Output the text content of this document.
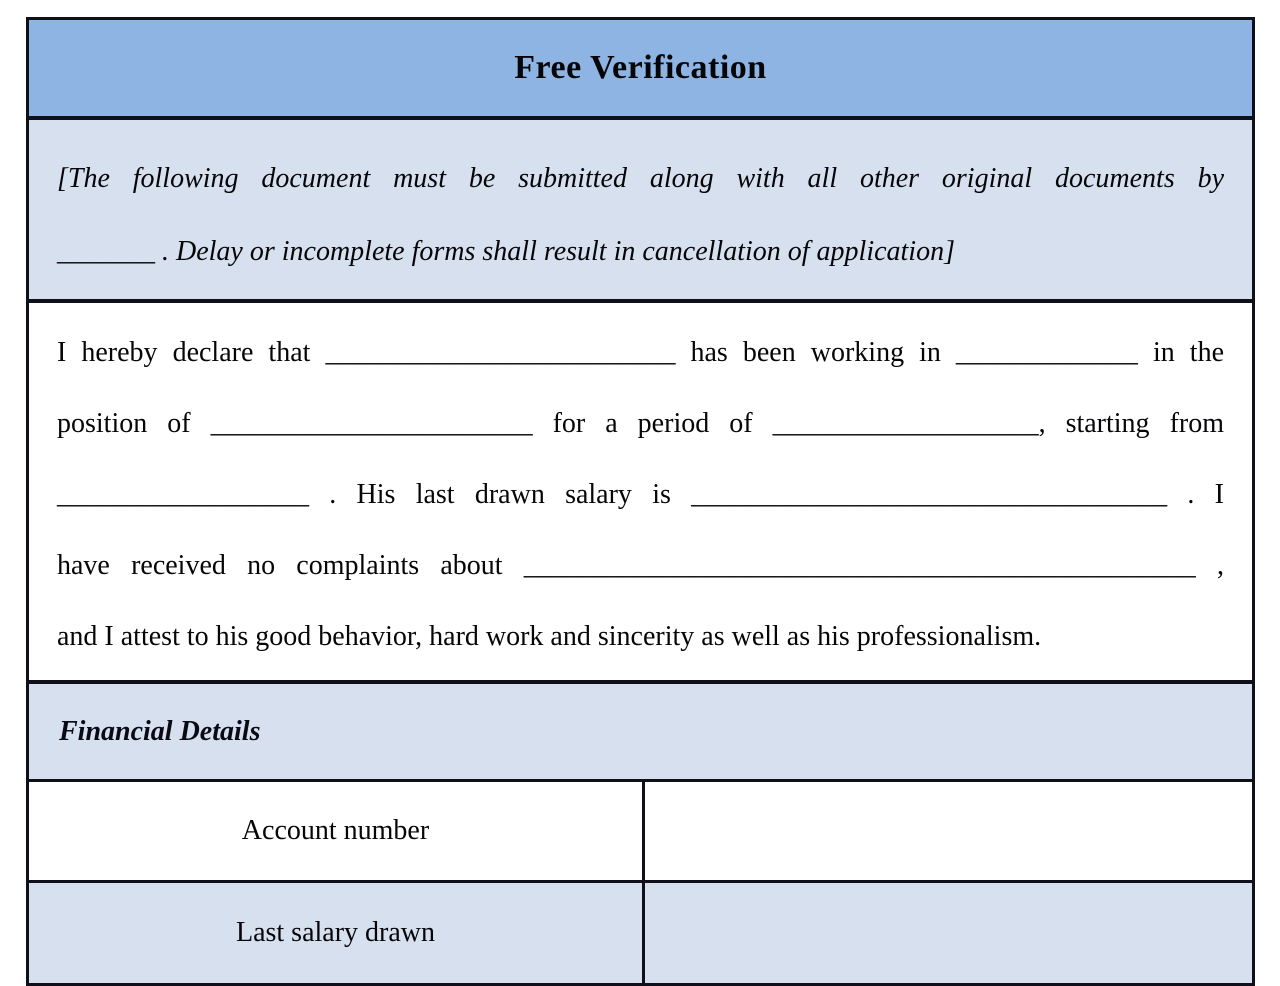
Free Verification
[The following document must be submitted along with all other original documents by
_______ . Delay or incomplete forms shall result in cancellation of application]
I hereby declare that _________________________ has been working in _____________ in the
position of _______________________ for a period of ___________________, starting from
__________________ . His last drawn salary is __________________________________ . I
have received no complaints about ________________________________________________ ,
and I attest to his good behavior, hard work and sincerity as well as his professionalism.
Financial Details
Account number
Last salary drawn
